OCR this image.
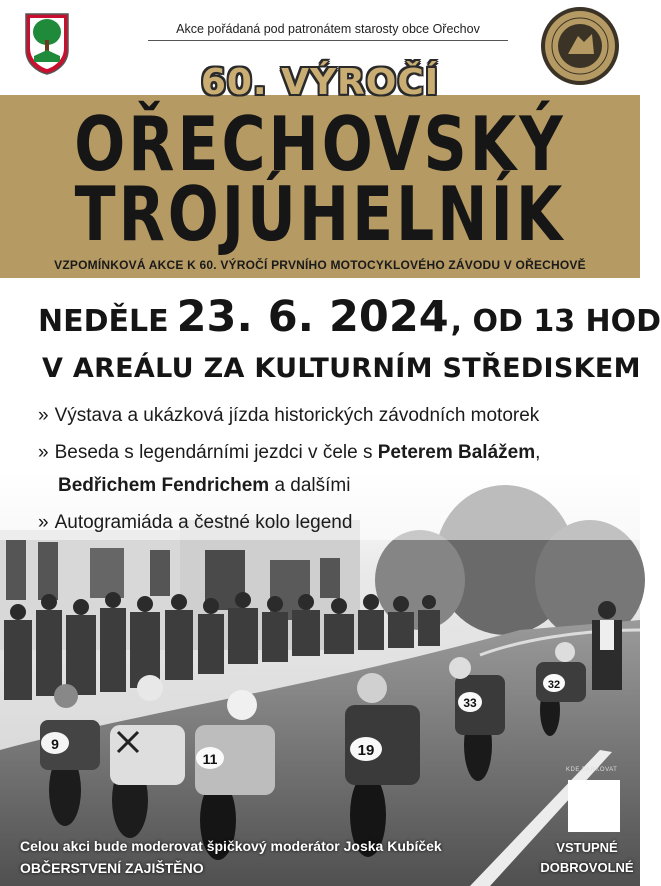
9
11	19
33
32
Akce pořádaná pod patronátem starosty obce Ořechov
60. VÝROČÍ
OŘECHOVSKÝ
TROJÚHELNÍK
VZPOMÍNKOVÁ AKCE K 60. VÝROČÍ PRVNÍHO MOTOCYKLOVÉHO ZÁVODU V OŘECHOVĚ
NEDĚLE 23. 6. 2024, OD 13 HOD
V AREÁLU ZA KULTURNÍM STŘEDISKEM
» Výstava a ukázková jízda historických závodních motorek
» Beseda s legendárními jezdci v čele s Peterem Balážem,
Bedřichem Fendrichem a dalšími
» Autogramiáda a čestné kolo legend
KDE PARKOVAT
Celou akci bude moderovat špičkový moderátor Joska Kubíček
OBČERSTVENÍ ZAJIŠTĚNO
VSTUPNÉ
DOBROVOLNÉ
